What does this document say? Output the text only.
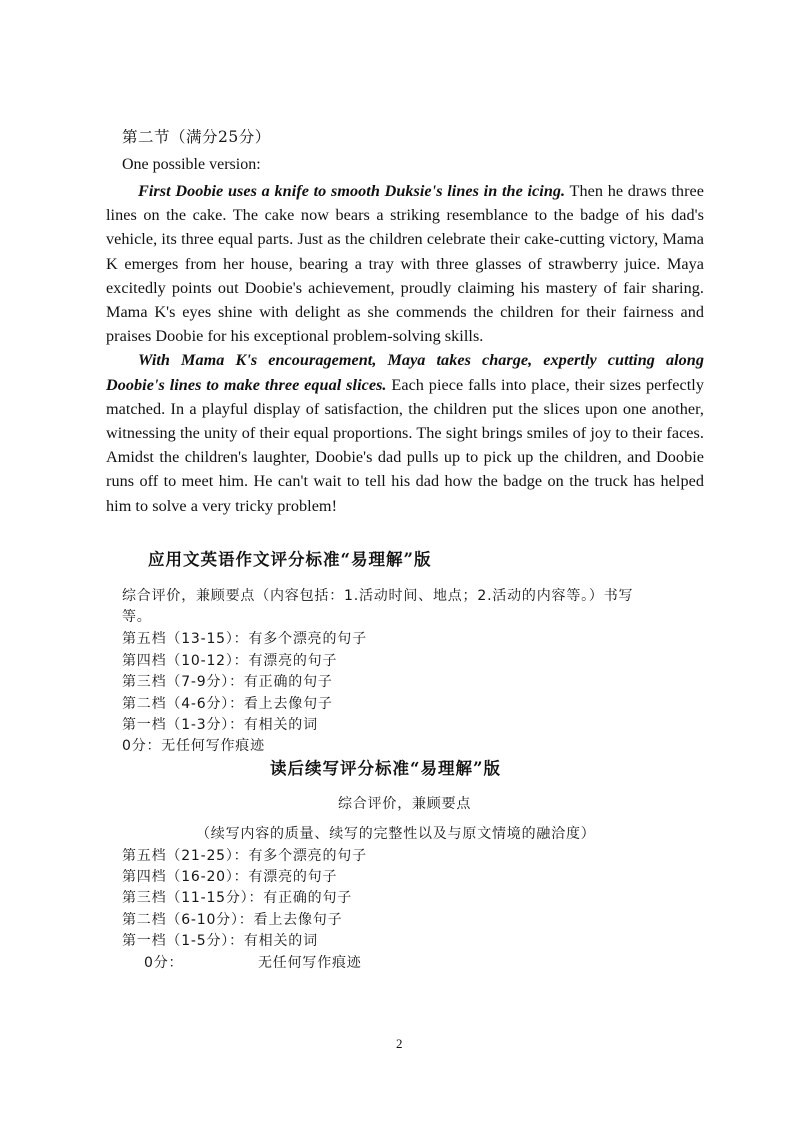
第二节（满分25分）
One possible version:

First Doobie uses a knife to smooth Duksie's lines in the icing. Then he draws three lines on the cake. The cake now bears a striking resemblance to the badge of his dad's vehicle, its three equal parts. Just as the children celebrate their cake-cutting victory, Mama K emerges from her house, bearing a tray with three glasses of strawberry juice. Maya excitedly points out Doobie's achievement, proudly claiming his mastery of fair sharing. Mama K's eyes shine with delight as she commends the children for their fairness and praises Doobie for his exceptional problem-solving skills.

With Mama K's encouragement, Maya takes charge, expertly cutting along Doobie's lines to make three equal slices. Each piece falls into place, their sizes perfectly matched. In a playful display of satisfaction, the children put the slices upon one another, witnessing the unity of their equal proportions. The sight brings smiles of joy to their faces. Amidst the children's laughter, Doobie's dad pulls up to pick up the children, and Doobie runs off to meet him. He can't wait to tell his dad how the badge on the truck has helped him to solve a very tricky problem!

应用文英语作文评分标准“易理解”版
综合评价，兼顾要点（内容包括：1.活动时间、地点；2.活动的内容等。）书写
等。
第五档（13-15）：有多个漂亮的句子
第四档（10-12）：有漂亮的句子
第三档（7-9分）：有正确的句子
第二档（4-6分）：看上去像句子
第一档（1-3分）：有相关的词
0分：无任何写作痕迹
读后续写评分标准“易理解”版
综合评价，兼顾要点
（续写内容的质量、续写的完整性以及与原文情境的融洽度）
第五档（21-25）：有多个漂亮的句子
第四档（16-20）：有漂亮的句子
第三档（11-15分）：有正确的句子
第二档（6-10分）：看上去像句子
第一档（1-5分）：有相关的词
0分：	无任何写作痕迹
2
